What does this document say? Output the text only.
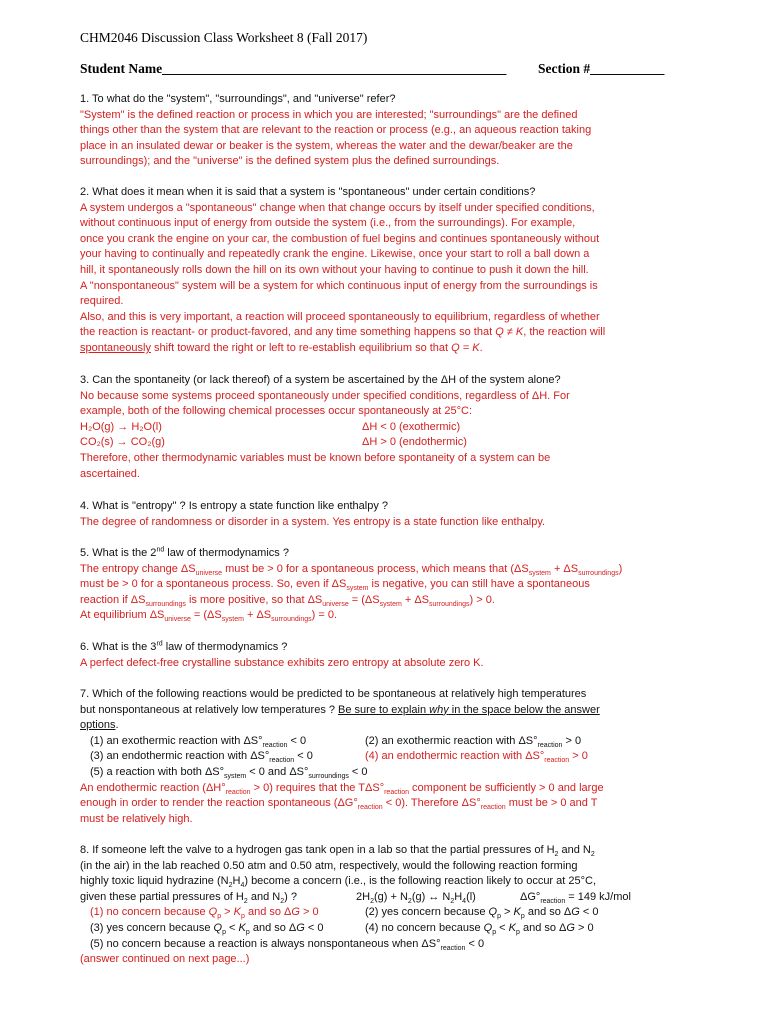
CHM2046 Discussion Class Worksheet 8 (Fall 2017)
Student Name___________________________________________________ Section #___________
1. To what do the "system", "surroundings", and "universe" refer?
"System" is the defined reaction or process in which you are interested; "surroundings" are the defined
things other than the system that are relevant to the reaction or process (e.g., an aqueous reaction taking
place in an insulated dewar or beaker is the system, whereas the water and the dewar/beaker are the
surroundings); and the "universe" is the defined system plus the defined surroundings.
2. What does it mean when it is said that a system is "spontaneous" under certain conditions?
A system undergos a "spontaneous" change when that change occurs by itself under specified conditions,
without continuous input of energy from outside the system (i.e., from the surroundings). For example,
once you crank the engine on your car, the combustion of fuel begins and continues spontaneously without
your having to continually and repeatedly crank the engine. Likewise, once your start to roll a ball down a
hill, it spontaneously rolls down the hill on its own without your having to continue to push it down the hill.
A "nonspontaneous" system will be a system for which continuous input of energy from the surroundings is
required.
Also, and this is very important, a reaction will proceed spontaneously to equilibrium, regardless of whether
the reaction is reactant- or product-favored, and any time something happens so that Q ≠ K, the reaction will
spontaneously shift toward the right or left to re-establish equilibrium so that Q = K.
3. Can the spontaneity (or lack thereof) of a system be ascertained by the ΔH of the system alone?
No because some systems proceed spontaneously under specified conditions, regardless of ΔH. For
example, both of the following chemical processes occur spontaneously at 25°C:
H₂O(g) → H₂O(l)	ΔH < 0 (exothermic)
CO₂(s) → CO₂(g)	ΔH > 0 (endothermic)
Therefore, other thermodynamic variables must be known before spontaneity of a system can be
ascertained.
4. What is "entropy" ? Is entropy a state function like enthalpy ?
The degree of randomness or disorder in a system. Yes entropy is a state function like enthalpy.
5. What is the 2nd law of thermodynamics ?
The entropy change $\Delta S_{universe}$ must be > 0 for a spontaneous process, which means that $(\Delta S_{system} + \Delta S_{surroundings})$
must be > 0 for a spontaneous process. So, even if $\Delta S_{system}$ is negative, you can still have a spontaneous
reaction if $\Delta S_{surroundings}$ is more positive, so that $\Delta S_{universe} = (\Delta S_{system} + \Delta S_{surroundings}) > 0$.
At equilibrium $\Delta S_{universe} = (\Delta S_{system} + \Delta S_{surroundings}) = 0$.
6. What is the 3rd law of thermodynamics ?
A perfect defect-free crystalline substance exhibits zero entropy at absolute zero K.
7. Which of the following reactions would be predicted to be spontaneous at relatively high temperatures
but nonspontaneous at relatively low temperatures ? Be sure to explain why in the space below the answer
options.
(1) an exothermic reaction with $\Delta S^\circ_{reaction} < 0$	(2) an exothermic reaction with $\Delta S^\circ_{reaction} > 0$
(3) an endothermic reaction with $\Delta S^\circ_{reaction} < 0$	(4) an endothermic reaction with $\Delta S^\circ_{reaction} > 0$
(5) a reaction with both $\Delta S^\circ_{system} < 0$ and $\Delta S^\circ_{surroundings} < 0$
An endothermic reaction $(\Delta H^\circ_{reaction} > 0)$ requires that the $T\Delta S^\circ_{reaction}$ component be sufficiently > 0 and large
enough in order to render the reaction spontaneous $(\Delta G^\circ_{reaction} < 0)$. Therefore $\Delta S^\circ_{reaction}$ must be > 0 and T
must be relatively high.
8. If someone left the valve to a hydrogen gas tank open in a lab so that the partial pressures of $H_2$ and $N_2$
(in the air) in the lab reached 0.50 atm and 0.50 atm, respectively, would the following reaction forming
highly toxic liquid hydrazine $(N_2H_4)$ become a concern (i.e., is the following reaction likely to occur at 25°C,
given these partial pressures of $H_2$ and $N_2$) ?	$2H_2(g) + N_2(g)$ ↔ $N_2H_4(l)$	$\Delta G^\circ_{reaction} = 149$ kJ/mol
(1) no concern because $Q_p > K_p$ and so ΔG > 0	(2) yes concern because $Q_p > K_p$ and so ΔG < 0
(3) yes concern because $Q_p < K_p$ and so ΔG < 0	(4) no concern because $Q_p < K_p$ and so ΔG > 0
(5) no concern because a reaction is always nonspontaneous when $\Delta S^\circ_{reaction} < 0$
(answer continued on next page...)
